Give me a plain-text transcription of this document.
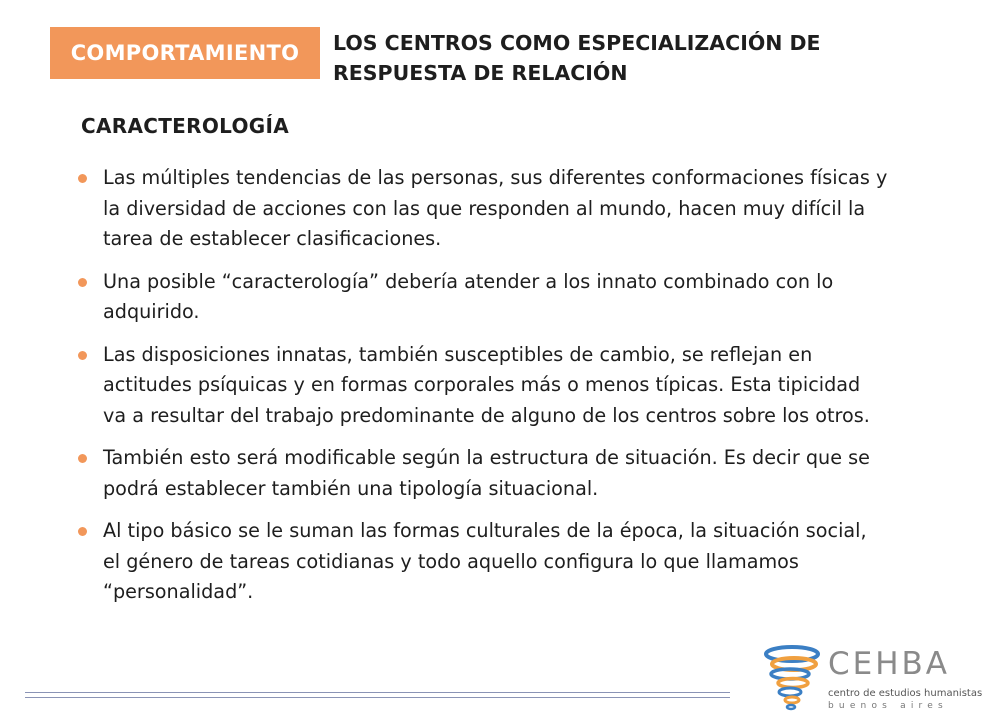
COMPORTAMIENTO	LOS CENTROS COMO ESPECIALIZACIÓN DE
RESPUESTA DE RELACIÓN
CARACTEROLOGÍA
Las múltiples tendencias de las personas, sus diferentes conformaciones físicas y la diversidad de acciones con las que responden al mundo, hacen muy difícil la tarea de establecer clasificaciones.
Una posible “caracterología” debería atender a los innato combinado con lo adquirido.
Las disposiciones innatas, también susceptibles de cambio, se reflejan en actitudes psíquicas y en formas corporales más o menos típicas. Esta tipicidad va a resultar del trabajo predominante de alguno de los centros sobre los otros.
También esto será modificable según la estructura de situación. Es decir que se podrá establecer también una tipología situacional.
Al tipo básico se le suman las formas culturales de la época, la situación social, el género de tareas cotidianas y todo aquello configura lo que llamamos “personalidad”.
CEHBA
centro de estudios humanistas
buenos aires
